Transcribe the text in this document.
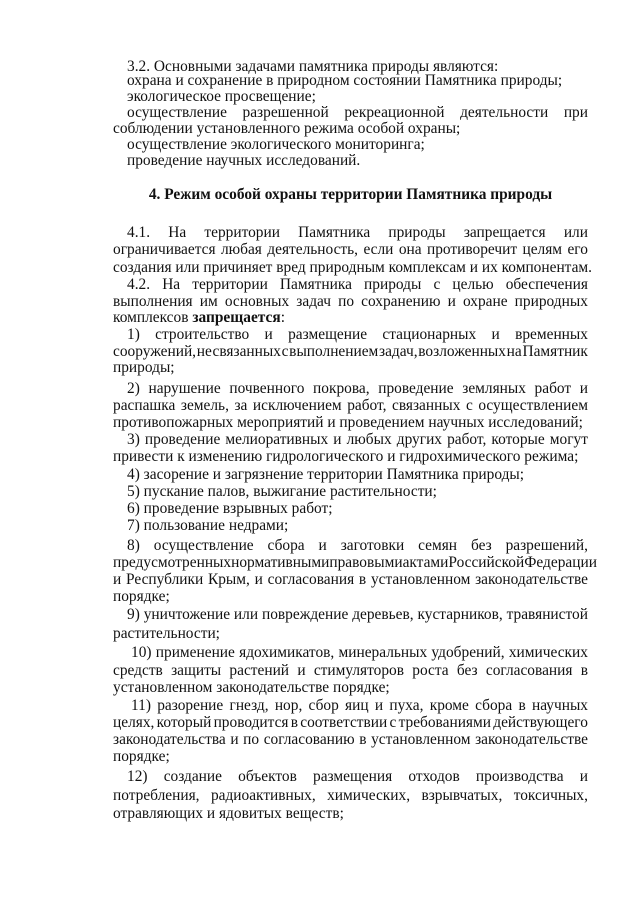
3.2. Основными задачами памятника природы являются:
охрана и сохранение в природном состоянии Памятника природы;
экологическое просвещение;
осуществление разрешенной рекреационной деятельности при
соблюдении установленного режима особой охраны;
осуществление экологического мониторинга;
проведение научных исследований.
4. Режим особой охраны территории Памятника природы
4.1. На территории Памятника природы запрещается или
ограничивается любая деятельность, если она противоречит целям его
создания или причиняет вред природным комплексам и их компонентам.
4.2. На территории Памятника природы с целью обеспечения
выполнения им основных задач по сохранению и охране природных
комплексов запрещается:
1) строительство и размещение стационарных и временных
сооружений, не связанных с выполнением задач, возложенных на Памятник
природы;
2) нарушение почвенного покрова, проведение земляных работ и
распашка земель, за исключением работ, связанных с осуществлением
противопожарных мероприятий и проведением научных исследований;
3) проведение мелиоративных и любых других работ, которые могут
привести к изменению гидрологического и гидрохимического режима;
4) засорение и загрязнение территории Памятника природы;
5) пускание палов, выжигание растительности;
6) проведение взрывных работ;
7) пользование недрами;
8) осуществление сбора и заготовки семян без разрешений,
предусмотренных нормативными правовыми актами Российской Федерации
и Республики Крым, и согласования в установленном законодательстве
порядке;
9) уничтожение или повреждение деревьев, кустарников, травянистой
растительности;
10) применение ядохимикатов, минеральных удобрений, химических
средств защиты растений и стимуляторов роста без согласования в
установленном законодательстве порядке;
11) разорение гнезд, нор, сбор яиц и пуха, кроме сбора в научных
целях, который проводится в соответствии с требованиями действующего
законодательства и по согласованию в установленном законодательстве
порядке;
12) создание объектов размещения отходов производства и
потребления, радиоактивных, химических, взрывчатых, токсичных,
отравляющих и ядовитых веществ;
